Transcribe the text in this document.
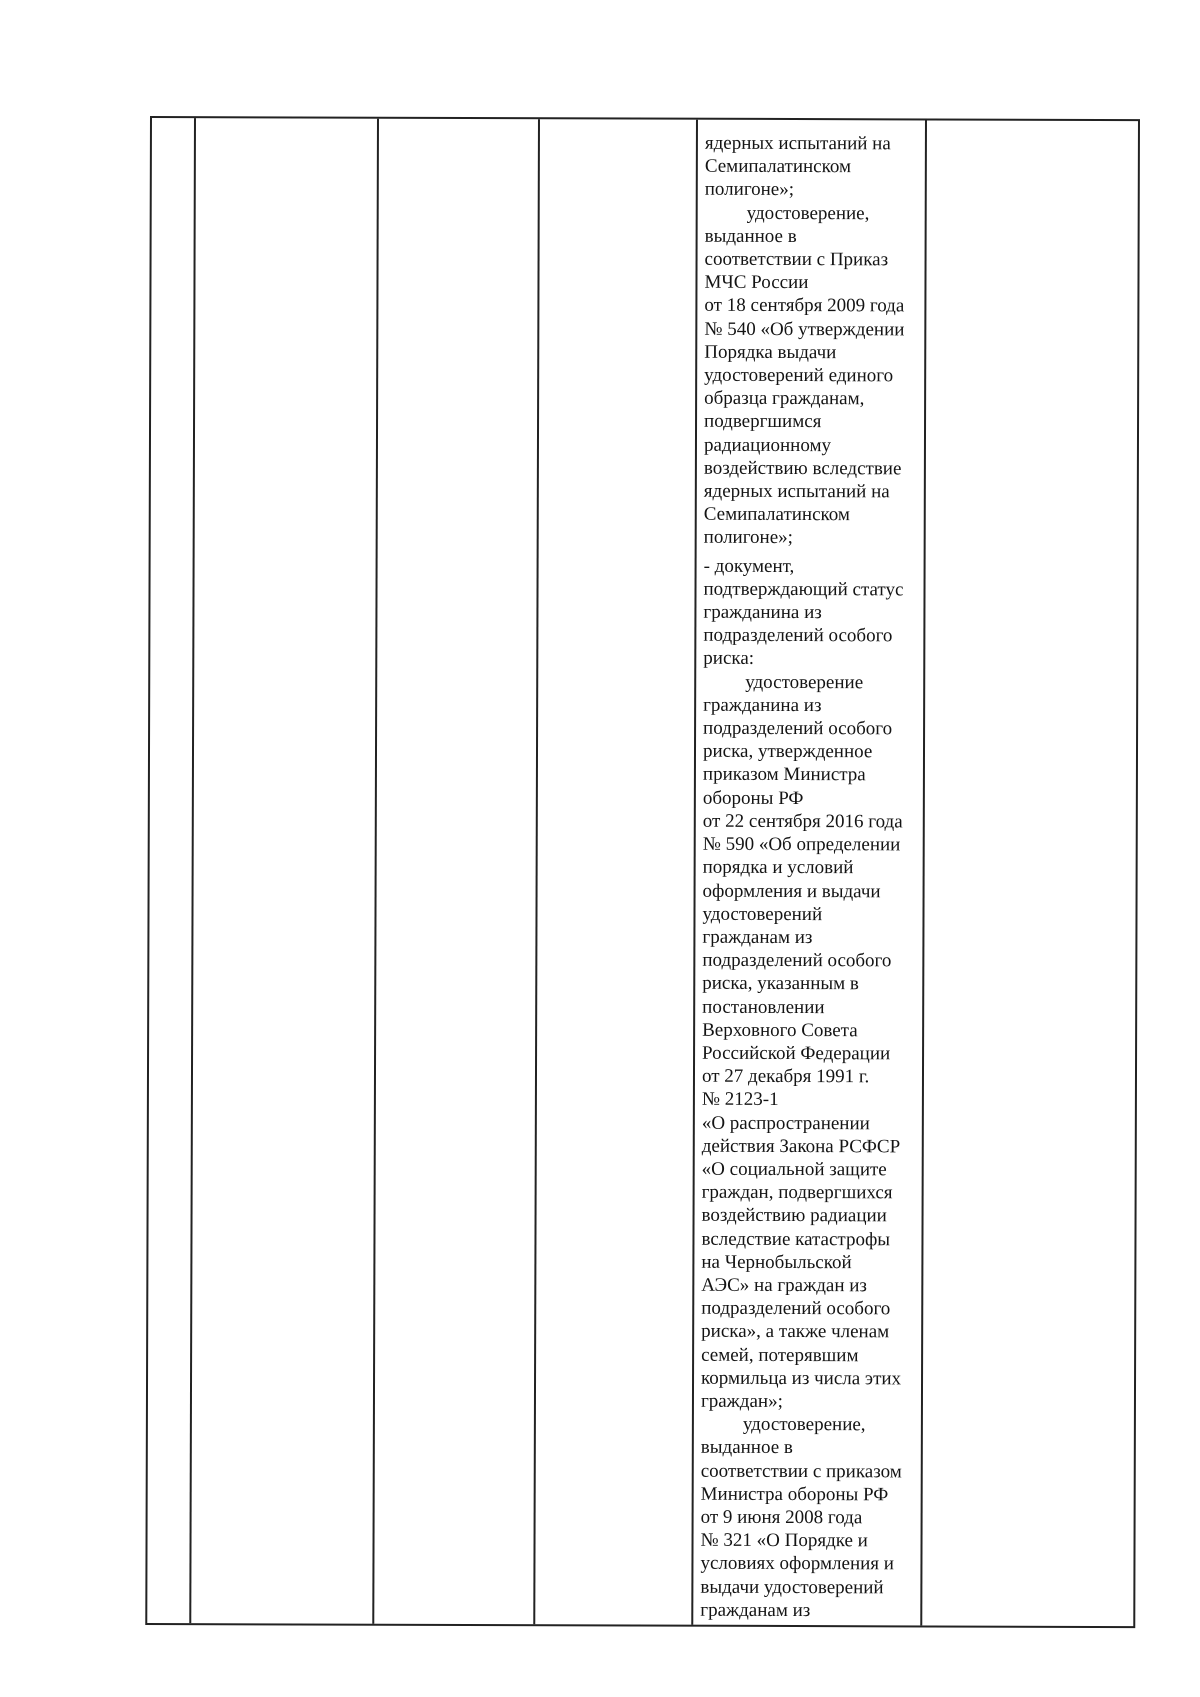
ядерных испытаний на
Семипалатинском
полигоне»;
удостоверение,
выданное в
соответствии с Приказ
МЧС России
от 18 сентября 2009 года
№ 540 «Об утверждении
Порядка выдачи
удостоверений единого
образца гражданам,
подвергшимся
радиационному
воздействию вследствие
ядерных испытаний на
Семипалатинском
полигоне»;
- документ,
подтверждающий статус
гражданина из
подразделений особого
риска:
удостоверение
гражданина из
подразделений особого
риска, утвержденное
приказом Министра
обороны РФ
от 22 сентября 2016 года
№ 590 «Об определении
порядка и условий
оформления и выдачи
удостоверений
гражданам из
подразделений особого
риска, указанным в
постановлении
Верховного Совета
Российской Федерации
от 27 декабря 1991 г.
№ 2123-1
«О распространении
действия Закона РСФСР
«О социальной защите
граждан, подвергшихся
воздействию радиации
вследствие катастрофы
на Чернобыльской
АЭС» на граждан из
подразделений особого
риска», а также членам
семей, потерявшим
кормильца из числа этих
граждан»;
удостоверение,
выданное в
соответствии с приказом
Министра обороны РФ
от 9 июня 2008 года
№ 321 «О Порядке и
условиях оформления и
выдачи удостоверений
гражданам из
